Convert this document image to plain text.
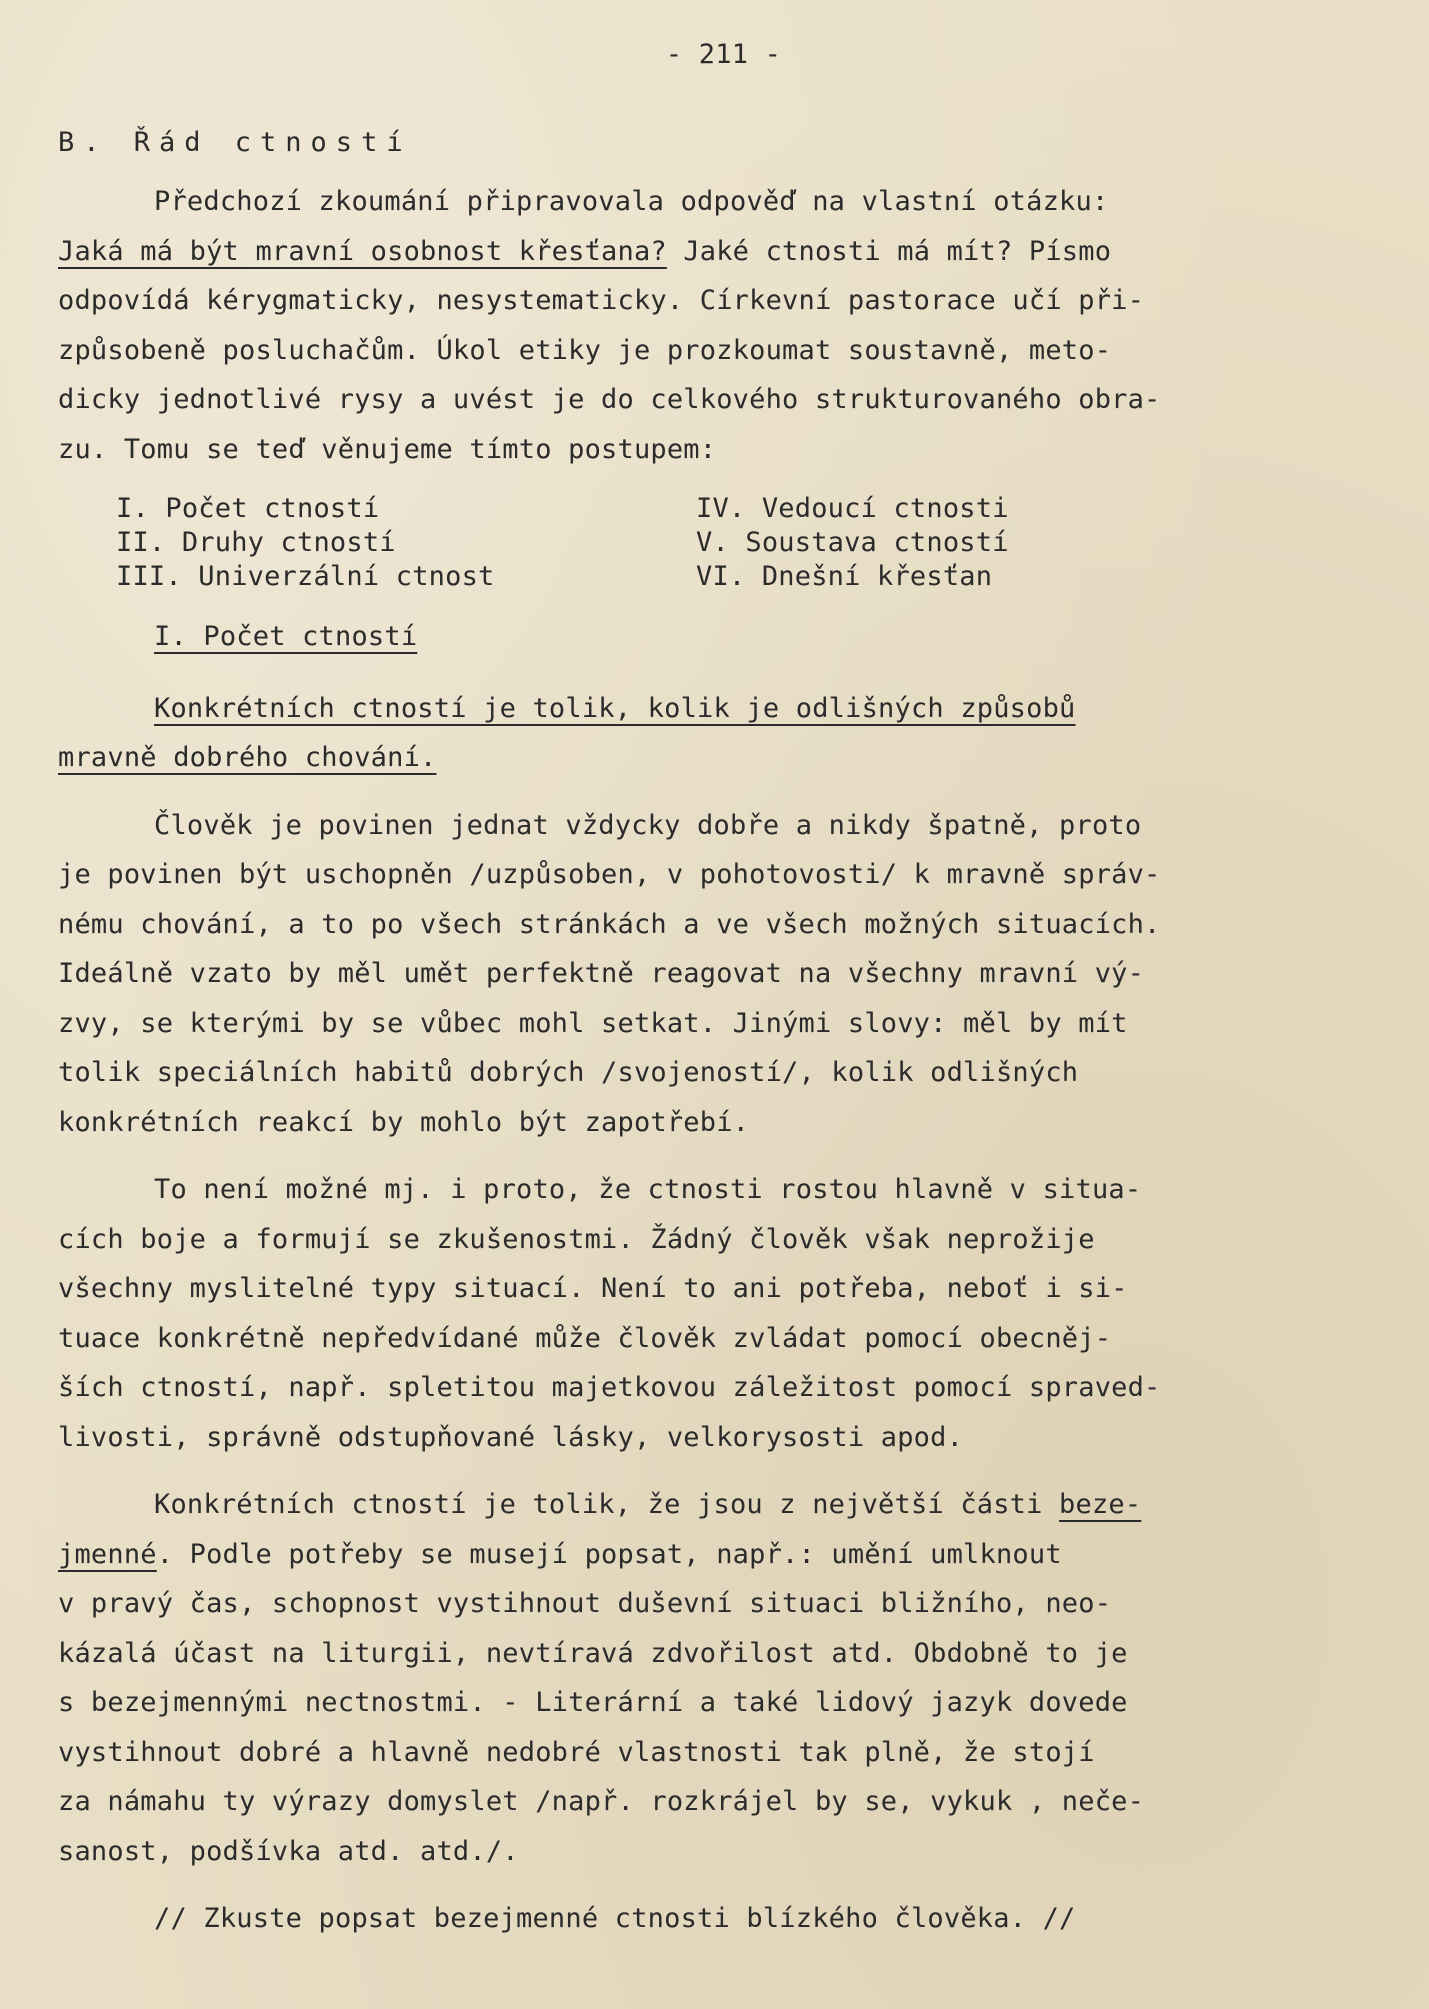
- 211 -
B. Řád ctností
Předchozí zkoumání připravovala odpověď na vlastní otázku:
Jaká má být mravní osobnost křesťana? Jaké ctnosti má mít? Písmo
odpovídá kérygmaticky, nesystematicky. Církevní pastorace učí při-
způsobeně posluchačům. Úkol etiky je prozkoumat soustavně, meto-
dicky jednotlivé rysy a uvést je do celkového strukturovaného obra-
zu. Tomu se teď věnujeme tímto postupem:
I. Počet ctností	IV. Vedoucí ctnosti
II. Druhy ctností	V. Soustava ctností
III. Univerzální ctnost	VI. Dnešní křesťan
I. Počet ctností
Konkrétních ctností je tolik, kolik je odlišných způsobů
mravně dobrého chování.
Člověk je povinen jednat vždycky dobře a nikdy špatně, proto
je povinen být uschopněn /uzpůsoben, v pohotovosti/ k mravně správ-
nému chování, a to po všech stránkách a ve všech možných situacích.
Ideálně vzato by měl umět perfektně reagovat na všechny mravní vý-
zvy, se kterými by se vůbec mohl setkat. Jinými slovy: měl by mít
tolik speciálních habitů dobrých /svojeností/, kolik odlišných
konkrétních reakcí by mohlo být zapotřebí.
To není možné mj. i proto, že ctnosti rostou hlavně v situa-
cích boje a formují se zkušenostmi. Žádný člověk však neprožije
všechny myslitelné typy situací. Není to ani potřeba, neboť i si-
tuace konkrétně nepředvídané může člověk zvládat pomocí obecněj-
ších ctností, např. spletitou majetkovou záležitost pomocí spraved-
livosti, správně odstupňované lásky, velkorysosti apod.
Konkrétních ctností je tolik, že jsou z největší části beze-
jmenné. Podle potřeby se musejí popsat, např.: umění umlknout
v pravý čas, schopnost vystihnout duševní situaci bližního, neo-
kázalá účast na liturgii, nevtíravá zdvořilost atd. Obdobně to je
s bezejmennými nectnostmi. - Literární a také lidový jazyk dovede
vystihnout dobré a hlavně nedobré vlastnosti tak plně, že stojí
za námahu ty výrazy domyslet /např. rozkrájel by se, vykuk , neče-
sanost, podšívka atd. atd./.
// Zkuste popsat bezejmenné ctnosti blízkého člověka. //
